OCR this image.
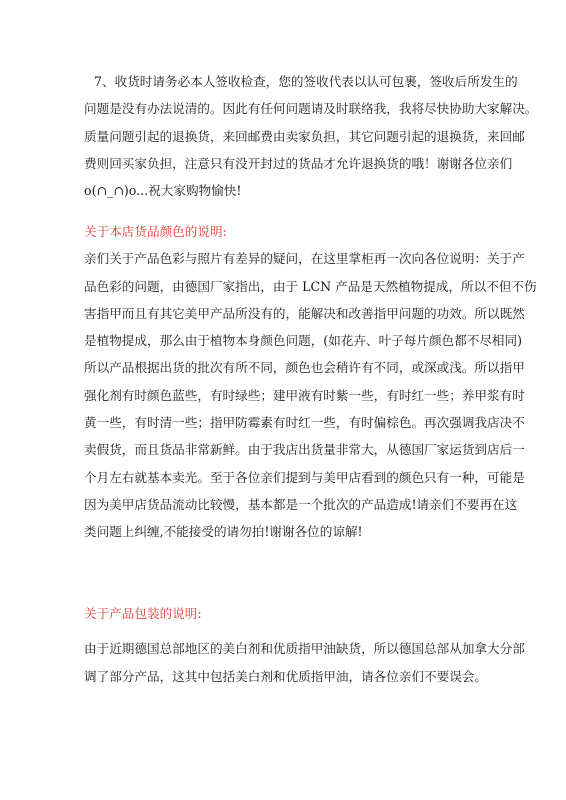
7、收货时请务必本人签收检查，您的签收代表以认可包裹，签收后所发生的
问题是没有办法说清的。因此有任何问题请及时联络我，我将尽快协助大家解决。
质量问题引起的退换货，来回邮费由卖家负担，其它问题引起的退换货，来回邮
费则回买家负担，注意只有没开封过的货品才允许退换货的哦！谢谢各位亲们
o(∩_∩)o...祝大家购物愉快!
关于本店货品颜色的说明:
亲们关于产品色彩与照片有差异的疑问，在这里掌柜再一次向各位说明：关于产
品色彩的问题，由德国厂家指出，由于 LCN 产品是天然植物提成，所以不但不伤
害指甲而且有其它美甲产品所没有的，能解决和改善指甲问题的功效。所以既然
是植物提成，那么由于植物本身颜色问题，(如花卉、叶子每片颜色都不尽相同)
所以产品根据出货的批次有所不同，颜色也会稍许有不同，或深或浅。所以指甲
强化剂有时颜色蓝些，有时绿些；建甲液有时紫一些，有时红一些；养甲浆有时
黄一些，有时清一些；指甲防霉素有时红一些，有时偏棕色。再次强调我店决不
卖假货，而且货品非常新鲜。由于我店出货量非常大，从德国厂家运货到店后一
个月左右就基本卖光。至于各位亲们提到与美甲店看到的颜色只有一种，可能是
因为美甲店货品流动比较慢，基本都是一个批次的产品造成!请亲们不要再在这
类问题上纠缠,不能接受的请勿拍!谢谢各位的谅解!
关于产品包装的说明:
由于近期德国总部地区的美白剂和优质指甲油缺货，所以德国总部从加拿大分部
调了部分产品，这其中包括美白剂和优质指甲油，请各位亲们不要误会。
